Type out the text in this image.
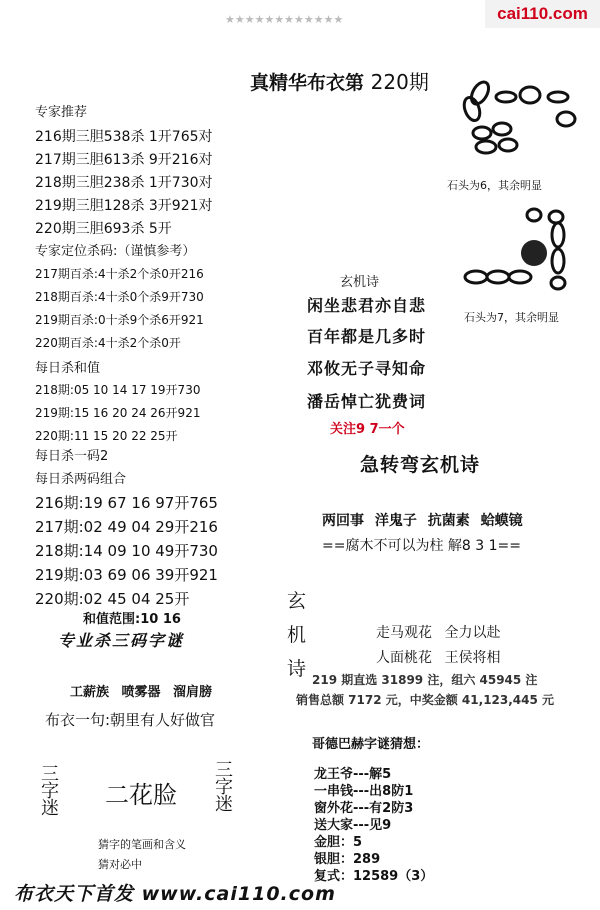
cai110.com
★★★★★★★★★★★★
真精华布衣第 220期
专家推荐
216期三胆538杀 1开765对
217期三胆613杀 9开216对
218期三胆238杀 1开730对
219期三胆128杀 3开921对
220期三胆693杀 5开
专家定位杀码:（谨慎参考）
217期百杀:4十杀2个杀0开216
218期百杀:4十杀0个杀9开730
219期百杀:0十杀9个杀6开921
220期百杀:4十杀2个杀0开
每日杀和值
218期:05 10 14 17 19开730
219期:15 16 20 24 26开921
220期:11 15 20 22 25开
每日杀一码2
每日杀两码组合
216期:19 67 16 97开765
217期:02 49 04 29开216
218期:14 09 10 49开730
219期:03 69 06 39开921
220期:02 45 04 25开
和值范围:10 16
专业杀三码字谜
工薪族 喷雾器 溜肩膀
布衣一句:朝里有人好做官
三字迷 二花脸
三字迷
猜字的笔画和含义
猜对必中
布衣天下首发 www.cai110.com
石头为6，其余明显
石头为7，其余明显
玄机诗
闲坐悲君亦自悲
百年都是几多时
邓攸无子寻知命
潘岳悼亡犹费词
关注9 7一个
急转弯玄机诗
两回事 洋鬼子 抗菌素 蛤蟆镜
==腐木不可以为柱 解8 3 1==
玄
机
诗
走马观花 全力以赴
人面桃花 王侯将相
219 期直选 31899 注，组六 45945 注
销售总额 7172 元，中奖金额 41,123,445 元
哥德巴赫字谜猜想：
龙王爷---解5
一串钱---出8防1
窗外花---有2防3
送大家---见9
金胆：5
银胆：289
复式：12589（3）
